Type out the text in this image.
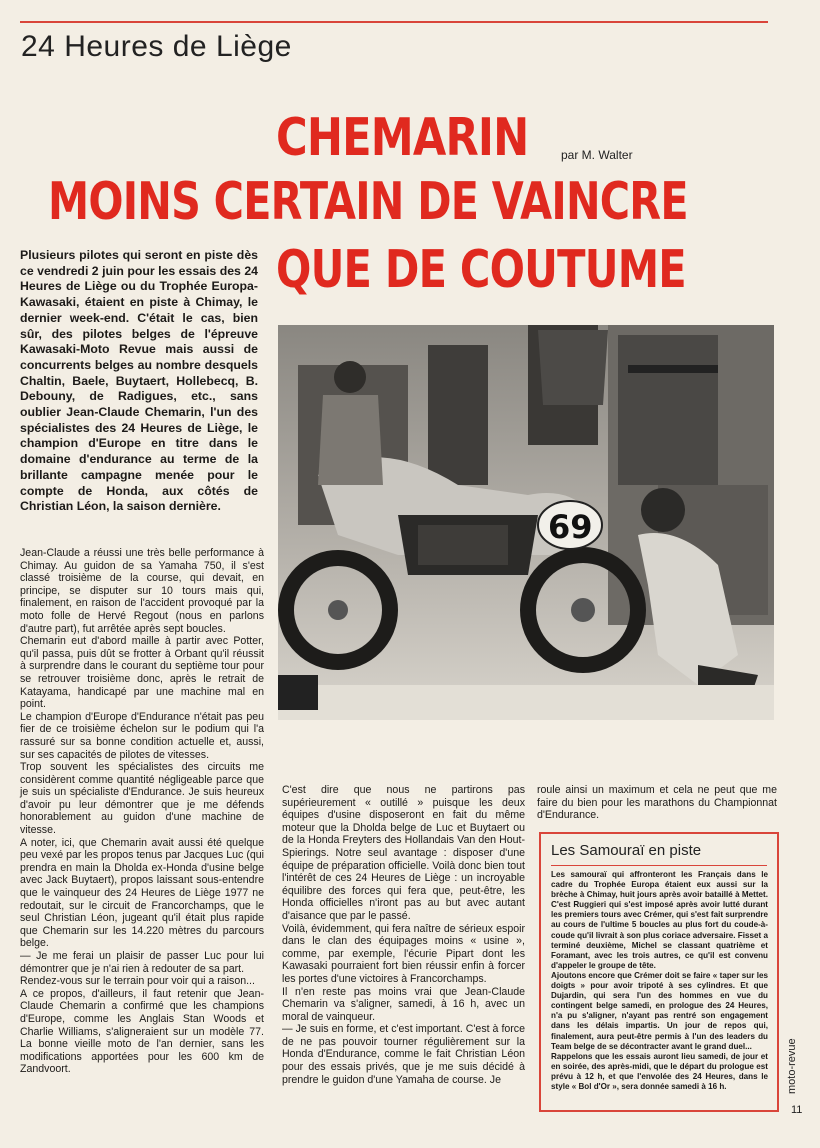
24 Heures de Liège
CHEMARIN	par M. Walter
MOINS CERTAIN DE VAINCRE
QUE DE COUTUME
Plusieurs pilotes qui seront en piste dès ce vendredi 2 juin pour les essais des 24 Heures de Liège ou du Trophée Europa-Kawasaki, étaient en piste à Chimay, le dernier week-end. C'était le cas, bien sûr, des pilotes belges de l'épreuve Kawasaki-Moto Revue mais aussi de concurrents belges au nombre desquels Chaltin, Baele, Buytaert, Hollebecq, B. Debouny, de Radigues, etc., sans oublier Jean-Claude Chemarin, l'un des spécialistes des 24 Heures de Liège, le champion d'Europe en titre dans le domaine d'endurance au terme de la brillante campagne menée pour le compte de Honda, aux côtés de Christian Léon, la saison dernière.

Jean-Claude a réussi une très belle performance à Chimay. Au guidon de sa Yamaha 750, il s'est classé troisième de la course, qui devait, en principe, se disputer sur 10 tours mais qui, finalement, en raison de l'accident provoqué par la moto folle de Hervé Regout (nous en parlons d'autre part), fut arrêtée après sept boucles.

Chemarin eut d'abord maille à partir avec Potter, qu'il passa, puis dût se frotter à Orbant qu'il réussit à surprendre dans le courant du septième tour pour se retrouver troisième donc, après le retrait de Katayama, handicapé par une machine mal en point.

Le champion d'Europe d'Endurance n'était pas peu fier de ce troisième échelon sur le podium qui l'a rassuré sur sa bonne condition actuelle et, aussi, sur ses capacités de pilotes de vitesses.

Trop souvent les spécialistes des circuits me considèrent comme quantité négligeable parce que je suis un spécialiste d'Endurance. Je suis heureux d'avoir pu leur démontrer que je me défends honorablement au guidon d'une machine de vitesse.

A noter, ici, que Chemarin avait aussi été quelque peu vexé par les propos tenus par Jacques Luc (qui prendra en main la Dholda ex-Honda d'usine belge avec Jack Buytaert), propos laissant sous-entendre que le vainqueur des 24 Heures de Liège 1977 ne redoutait, sur le circuit de Francorchamps, que le seul Christian Léon, jugeant qu'il était plus rapide que Chemarin sur les 14.220 mètres du parcours belge.

— Je me ferai un plaisir de passer Luc pour lui démontrer que je n'ai rien à redouter de sa part.

Rendez-vous sur le terrain pour voir qui a raison...

A ce propos, d'ailleurs, il faut retenir que Jean-Claude Chemarin a confirmé que les champions d'Europe, comme les Anglais Stan Woods et Charlie Williams, s'aligneraient sur un modèle 77. La bonne vieille moto de l'an dernier, sans les modifications apportées pour les 600 km de Zandvoort.

69

C'est dire que nous ne partirons pas supérieurement « outillé » puisque les deux équipes d'usine disposeront en fait du même moteur que la Dholda belge de Luc et Buytaert ou de la Honda Freyters des Hollandais Van den Hout-Spierings. Notre seul avantage : disposer d'une équipe de préparation officielle. Voilà donc bien tout l'intérêt de ces 24 Heures de Liège : un incroyable équilibre des forces qui fera que, peut-être, les Honda officielles n'iront pas au but avec autant d'aisance que par le passé.

Voilà, évidemment, qui fera naître de sérieux espoir dans le clan des équipages moins « usine », comme, par exemple, l'écurie Pipart dont les Kawasaki pourraient fort bien réussir enfin à forcer les portes d'une victoires à Francorchamps.

Il n'en reste pas moins vrai que Jean-Claude Chemarin va s'aligner, samedi, à 16 h, avec un moral de vainqueur.

— Je suis en forme, et c'est important. C'est à force de ne pas pouvoir tourner régulièrement sur la Honda d'Endurance, comme le fait Christian Léon pour des essais privés, que je me suis décidé à prendre le guidon d'une Yamaha de course. Je

roule ainsi un maximum et cela ne peut que me faire du bien pour les marathons du Championnat d'Endurance.

Les Samouraï en piste

Les samouraï qui affronteront les Français dans le cadre du Trophée Europa étaient eux aussi sur la brèche à Chimay, huit jours après avoir bataillé à Mettet. C'est Ruggieri qui s'est imposé après avoir lutté durant les premiers tours avec Crémer, qui s'est fait surprendre au cours de l'ultime 5 boucles au plus fort du coude-à-coude qu'il livrait à son plus coriace adversaire. Fisset a terminé deuxième, Michel se classant quatrième et Foramant, avec les trois autres, ce qu'il est convenu d'appeler le groupe de tête.

Ajoutons encore que Crémer doit se faire « taper sur les doigts » pour avoir tripoté à ses cylindres. Et que Dujardin, qui sera l'un des hommes en vue du contingent belge samedi, en prologue des 24 Heures, n'a pu s'aligner, n'ayant pas rentré son engagement dans les délais impartis. Un jour de repos qui, finalement, aura peut-être permis à l'un des leaders du Team belge de se décontracter avant le grand duel...

Rappelons que les essais auront lieu samedi, de jour et en soirée, des après-midi, que le départ du prologue est prévu à 12 h, et que l'envolée des 24 Heures, dans le style « Bol d'Or », sera donnée samedi à 16 h.	moto-revue
11
